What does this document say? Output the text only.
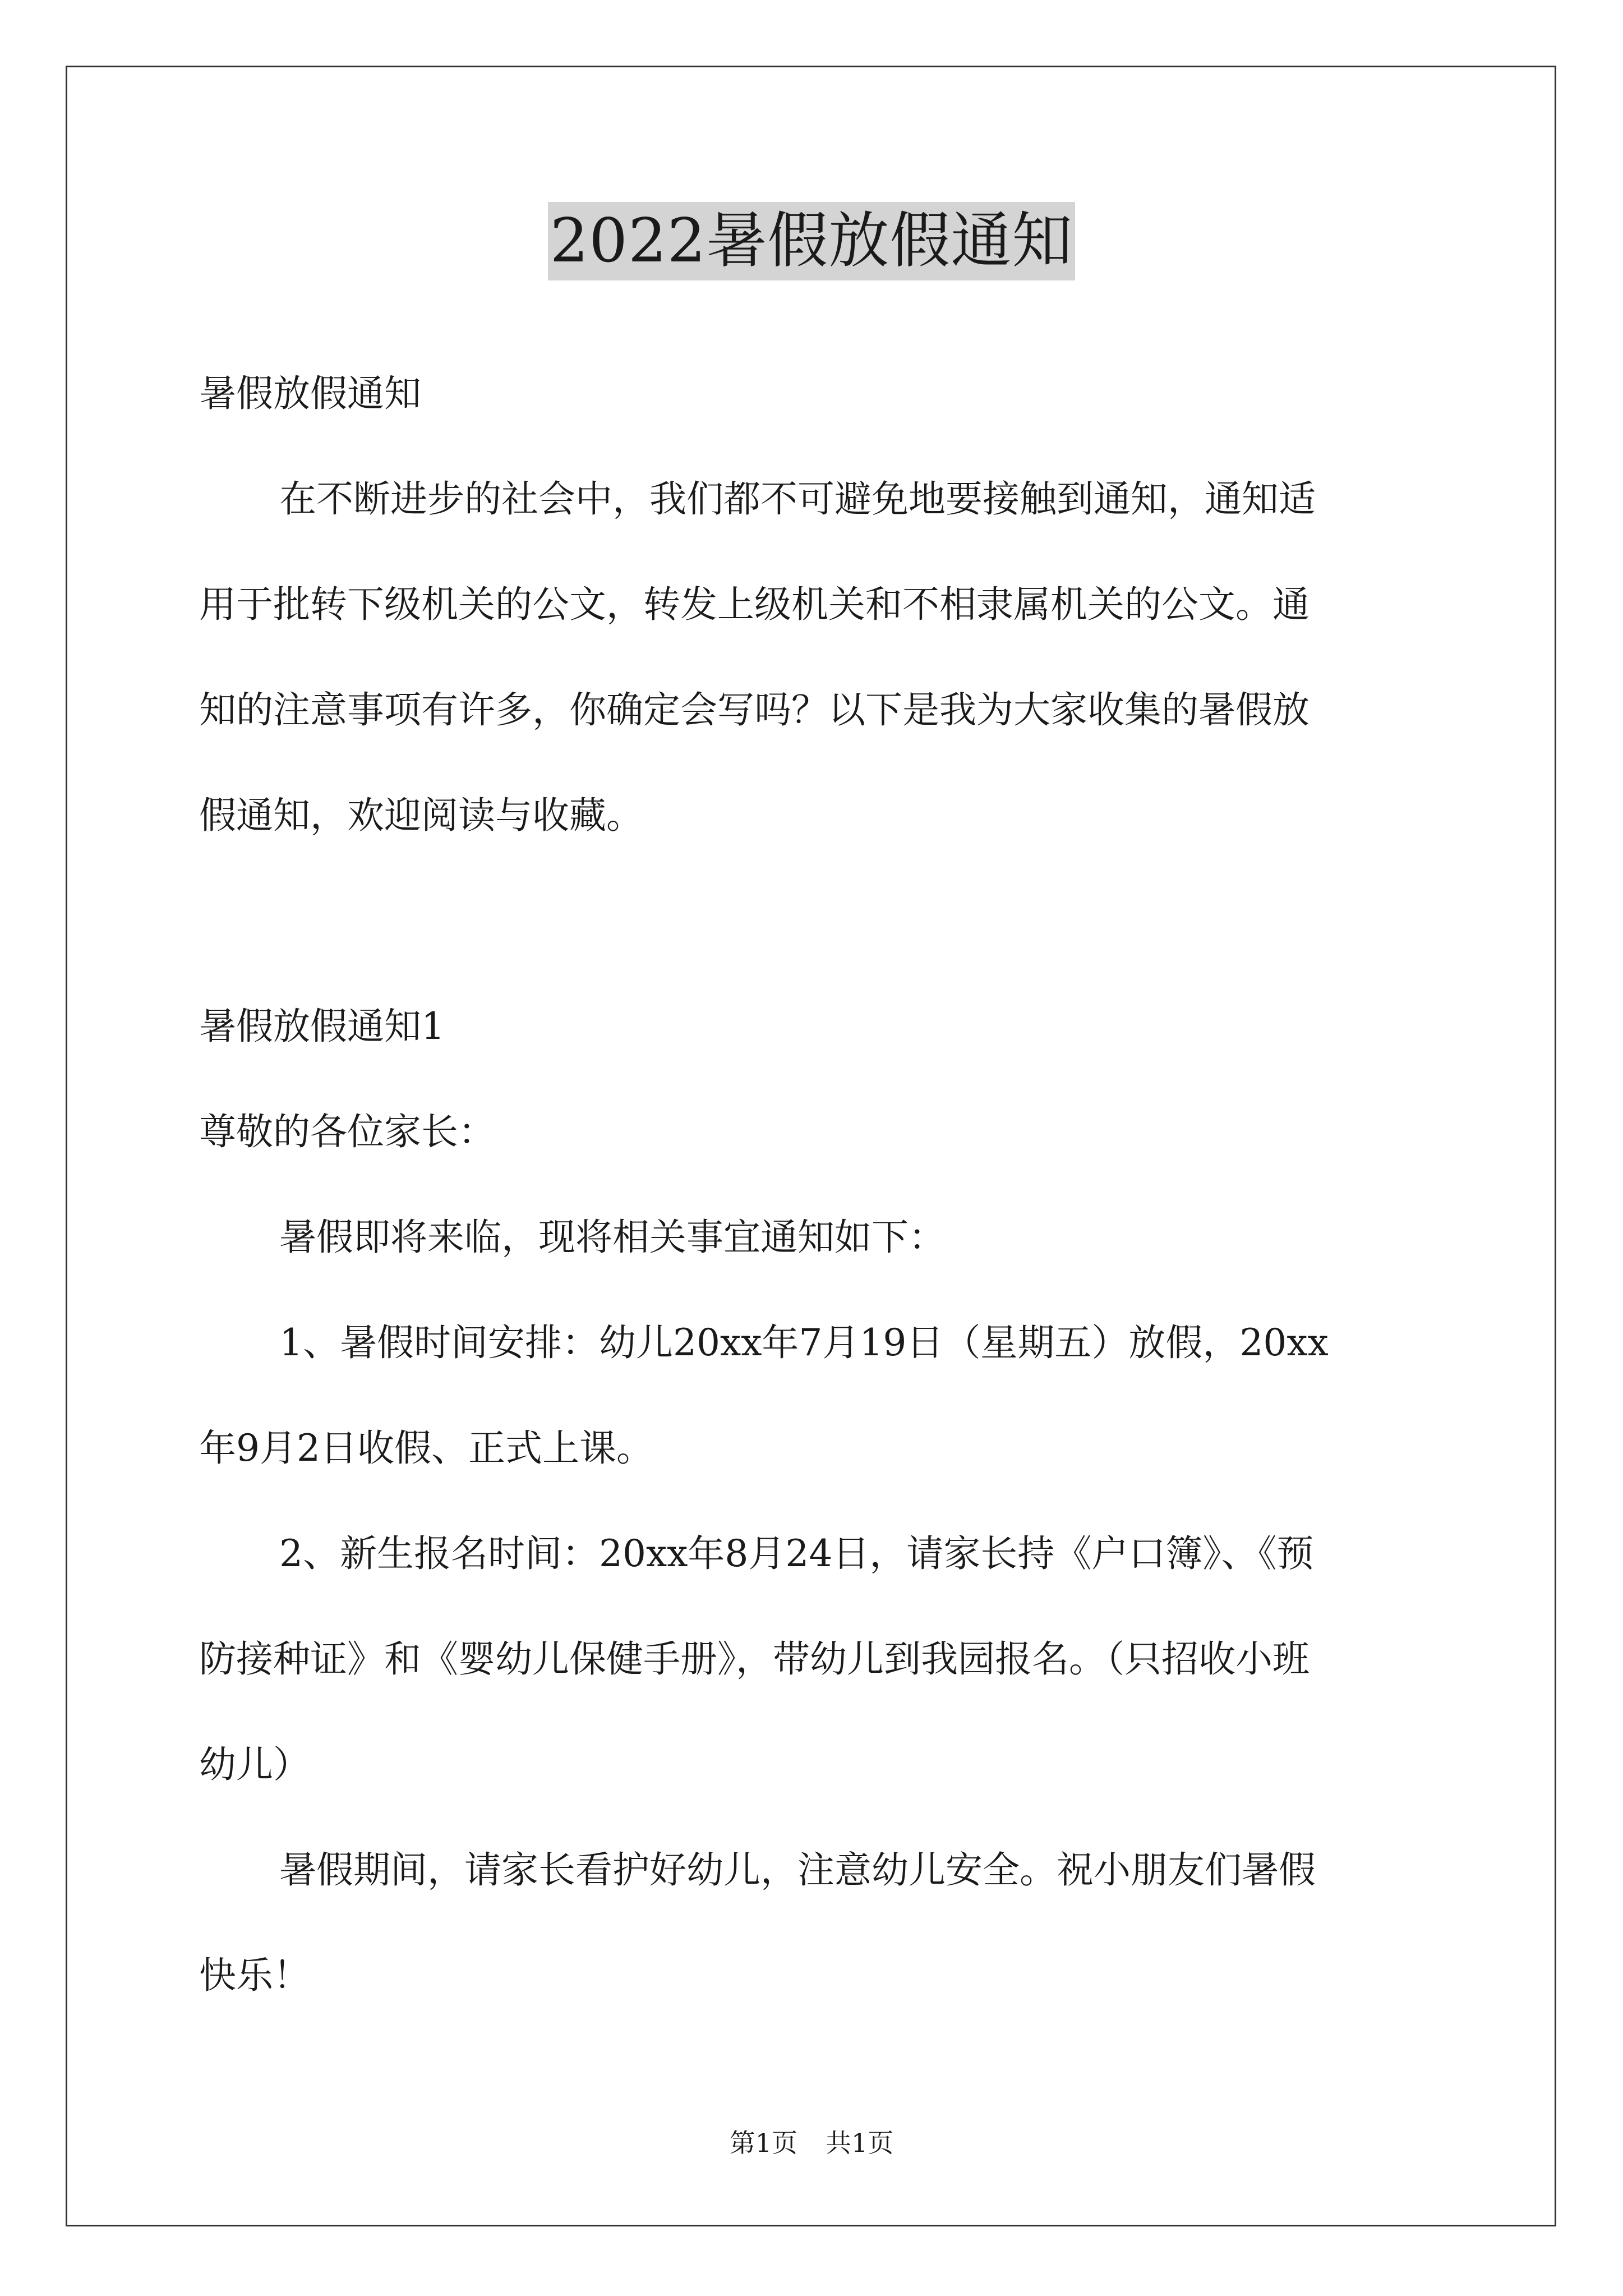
2022暑假放假通知
暑假放假通知
在不断进步的社会中，我们都不可避免地要接触到通知，通知适
用于批转下级机关的公文，转发上级机关和不相隶属机关的公文。通
知的注意事项有许多，你确定会写吗？以下是我为大家收集的暑假放
假通知，欢迎阅读与收藏。
暑假放假通知1
尊敬的各位家长：
暑假即将来临，现将相关事宜通知如下：
1、暑假时间安排：幼儿20xx年7月19日（星期五）放假，20xx
年9月2日收假、正式上课。
2、新生报名时间：20xx年8月24日，请家长持《户口簿》、《预
防接种证》和《婴幼儿保健手册》，带幼儿到我园报名。（只招收小班
幼儿）
暑假期间，请家长看护好幼儿，注意幼儿安全。祝小朋友们暑假
快乐！
第1页 共1页
